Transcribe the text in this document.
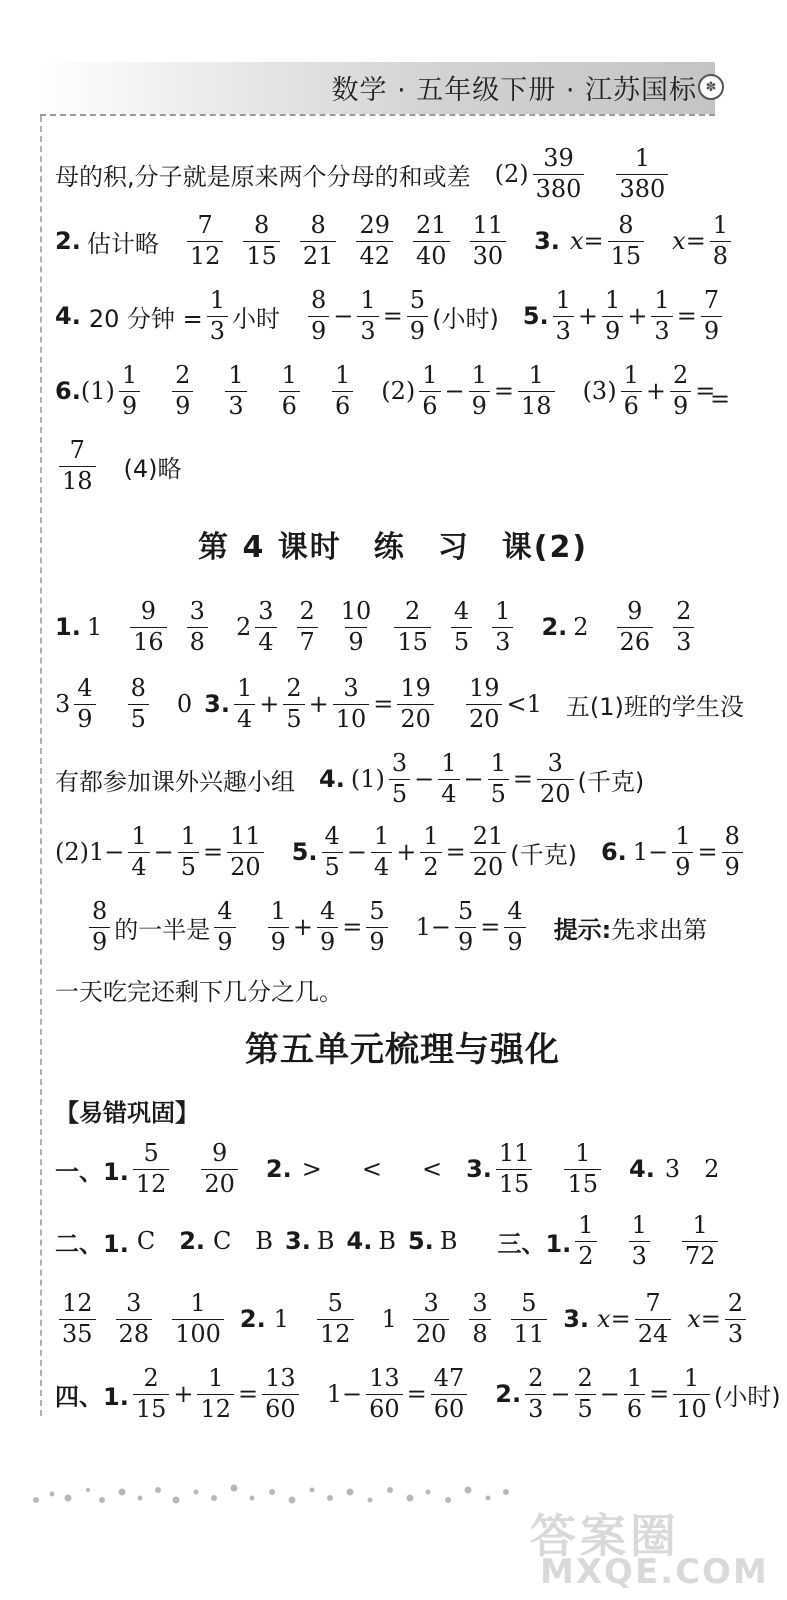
数学 · 五年级下册 · 江苏国标 ✽
母的积,分子就是原来两个分母的和或差 $(2) \frac{39}{380} \frac{1}{380}$
2. 估计略 $\frac{7}{12} \frac{8}{15} \frac{8}{21} \frac{29}{42} \frac{21}{40} \frac{11}{30} 3$. $x = \frac{8}{15}$ $x = \frac{1}{8}$
4. 20 分钟 = $\frac{1}{3}$ 小时 $\frac{8}{9} - \frac{1}{3} = \frac{5}{9}$ (小时) 5. $\frac{1}{3} + \frac{1}{9} + \frac{1}{3} = \frac{7}{9}$
6. $(1) \frac{1}{9} \frac{2}{9} \frac{1}{3} \frac{1}{6} \frac{1}{6} (2) \frac{1}{6} - \frac{1}{9} = \frac{1}{18} (3) \frac{1}{6} + \frac{2}{9}$ =
=
$\frac{7}{18} (4)$略
第 4 课时　练　习　课(2)
1. $1 \frac{9}{16} \frac{3}{8} 2 \frac{3}{4} \frac{2}{7} \frac{10}{9} \frac{2}{15} \frac{4}{5} \frac{1}{3} 2$. $2 \frac{9}{26} \frac{2}{3}$
$3 \frac{4}{9} \frac{8}{5} 0$ 3. $\frac{1}{4} + \frac{2}{5} + \frac{3}{10} = \frac{19}{20} \frac{19}{20} <1$ 五(1)班的学生没
有都参加课外兴趣小组 4. $(1) \frac{3}{5} - \frac{1}{4} - \frac{1}{5} = \frac{3}{20}$ (千克)
$(2)1- \frac{1}{4} - \frac{1}{5} = \frac{11}{20} 5$. $\frac{4}{5} - \frac{1}{4} + \frac{1}{2} = \frac{21}{20}$ (千克) 6. $1- \frac{1}{9} = \frac{8}{9}$
$\frac{8}{9}$ 的一半是 $\frac{4}{9} \frac{1}{9} + \frac{4}{9} = \frac{5}{9} 1- \frac{5}{9} = \frac{4}{9}$ 提示: 先求出第
一天吃完还剩下几分之几。
第五单元梳理与强化
【易错巩固】
一、1. $\frac{5}{12} \frac{9}{20} 2$. > < < 3. $\frac{11}{15} \frac{1}{15} 4$. 3 2
二、1. C 2. C B 3. B 4. B 5. B 三、1. $\frac{1}{2} \frac{1}{3} \frac{1}{72}$
$\frac{12}{35} \frac{3}{28} \frac{1}{100} 2$. $1 \frac{5}{12} 1 \frac{3}{20} \frac{3}{8} \frac{5}{11} 3$. $x = \frac{7}{24}$ $x = \frac{2}{3}$
四、1. $\frac{2}{15} + \frac{1}{12} = \frac{13}{60} 1- \frac{13}{60} = \frac{47}{60} 2$. $\frac{2}{3} - \frac{2}{5} - \frac{1}{6} = \frac{1}{10}$ (小时)
答案圈
MXQE.COM
